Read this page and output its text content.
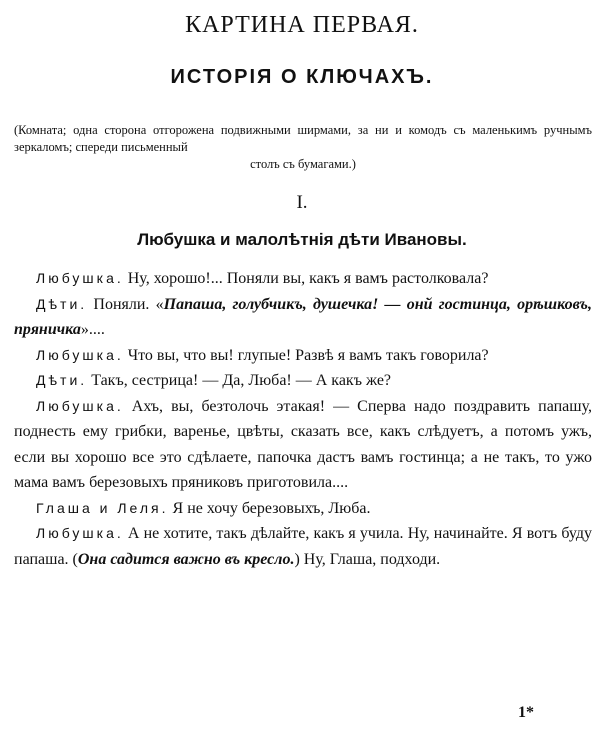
КАРТИНА ПЕРВАЯ.
ИСТОРІЯ О КЛЮЧАХЪ.
(Комната; одна сторона отгорожена подвижными ширмами, за ни и комодъ съ маленькимъ ручнымъ зеркаломъ; спереди письменный
столъ съ бумагами.)
I.
Любушка и малолѣтнія дѣти Ивановы.

Любушка. Ну, хорошо!... Поняли вы, какъ я вамъ растолковала?

Дѣти. Поняли. «Папаша, голубчикъ, душечка! — онй гостинца, орѣшковъ, пряничка»....

Любушка. Что вы, что вы! глупые! Развѣ я вамъ такъ говорила?

Дѣти. Такъ, сестрица! — Да, Люба! — А какъ же?

Любушка. Ахъ, вы, безтолочь этакая! — Сперва надо поздравить папашу, поднесть ему грибки, варенье, цвѣты, сказать все, какъ слѣдуетъ, а потомъ ужъ, если вы хорошо все это сдѣлаете, папочка дастъ вамъ гостинца; а не такъ, то ужо мама вамъ березовыхъ пряниковъ приготовила....

Глаша и Леля. Я не хочу березовыхъ, Люба.

Любушка. А не хотите, такъ дѣлайте, какъ я учила. Ну, начинайте. Я вотъ буду папаша. (Она садится важно въ кресло.) Ну, Глаша, подходи.

1*
